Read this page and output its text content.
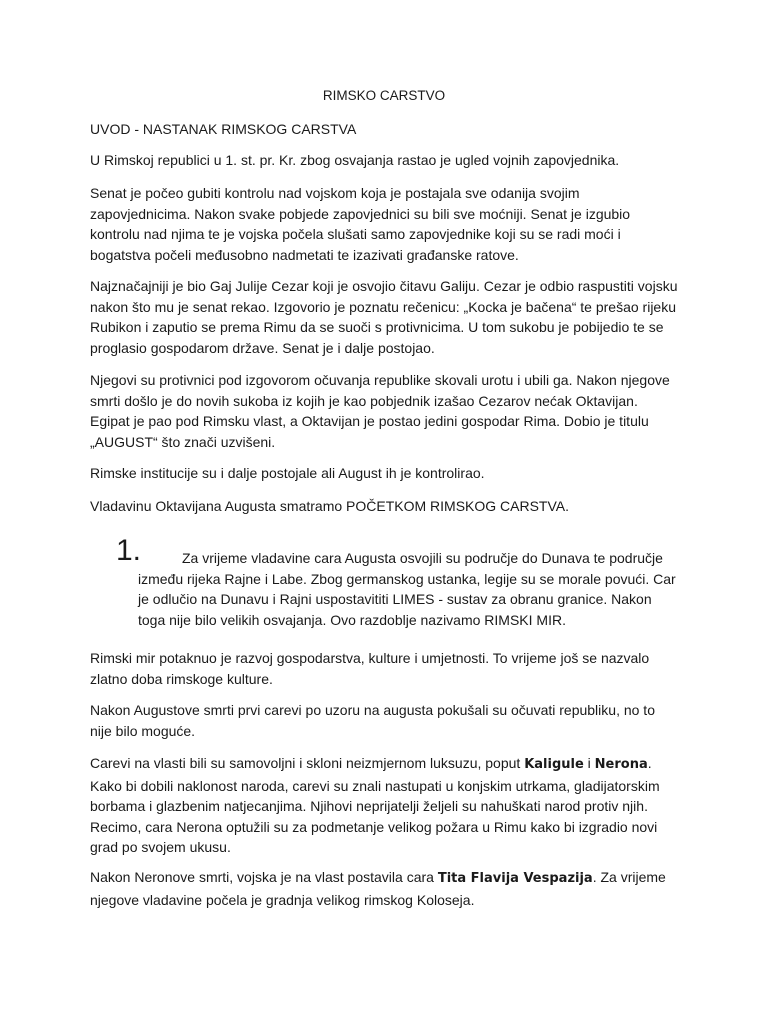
RIMSKO CARSTVO

UVOD - NASTANAK RIMSKOG CARSTVA

U Rimskoj republici u 1. st. pr. Kr. zbog osvajanja rastao je ugled vojnih zapovjednika.

Senat je počeo gubiti kontrolu nad vojskom koja je postajala sve odanija svojim zapovjednicima. Nakon svake pobjede zapovjednici su bili sve moćniji. Senat je izgubio kontrolu nad njima te je vojska počela slušati samo zapovjednike koji su se radi moći i bogatstva počeli međusobno nadmetati te izazivati građanske ratove.

Najznačajniji je bio Gaj Julije Cezar koji je osvojio čitavu Galiju. Cezar je odbio raspustiti vojsku nakon što mu je senat rekao. Izgovorio je poznatu rečenicu: „Kocka je bačena“ te prešao rijeku Rubikon i zaputio se prema Rimu da se suoči s protivnicima. U tom sukobu je pobijedio te se proglasio gospodarom države. Senat je i dalje postojao.

Njegovi su protivnici pod izgovorom očuvanja republike skovali urotu i ubili ga. Nakon njegove smrti došlo je do novih sukoba iz kojih je kao pobjednik izašao Cezarov nećak Oktavijan. Egipat je pao pod Rimsku vlast, a Oktavijan je postao jedini gospodar Rima. Dobio je titulu „AUGUST“ što znači uzvišeni.

Rimske institucije su i dalje postojale ali August ih je kontrolirao.

Vladavinu Oktavijana Augusta smatramo POČETKOM RIMSKOG CARSTVA.

1.	Za vrijeme vladavine cara Augusta osvojili su područje do Dunava te područje između rijeka Rajne i Labe. Zbog germanskog ustanka, legije su se morale povući. Car je odlučio na Dunavu i Rajni uspostavititi LIMES - sustav za obranu granice. Nakon toga nije bilo velikih osvajanja. Ovo razdoblje nazivamo RIMSKI MIR.

Rimski mir potaknuo je razvoj gospodarstva, kulture i umjetnosti. To vrijeme još se nazvalo zlatno doba rimskoge kulture.

Nakon Augustove smrti prvi carevi po uzoru na augusta pokušali su očuvati republiku, no to nije bilo moguće.

Carevi na vlasti bili su samovoljni i skloni neizmjernom luksuzu, poput Kaligule i Nerona. Kako bi dobili naklonost naroda, carevi su znali nastupati u konjskim utrkama, gladijatorskim borbama i glazbenim natjecanjima. Njihovi neprijatelji željeli su nahuškati narod protiv njih. Recimo, cara Nerona optužili su za podmetanje velikog požara u Rimu kako bi izgradio novi grad po svojem ukusu.

Nakon Neronove smrti, vojska je na vlast postavila cara Tita Flavija Vespazija. Za vrijeme njegove vladavine počela je gradnja velikog rimskog Koloseja.
